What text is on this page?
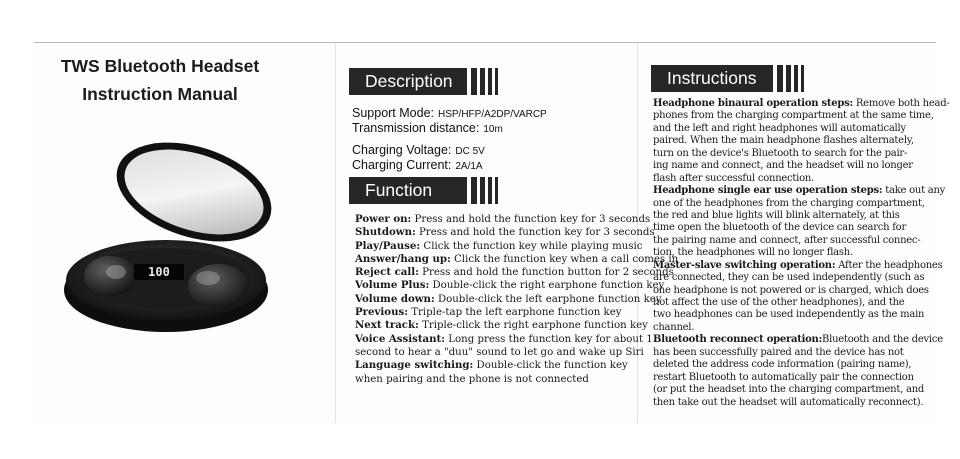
TWS Bluetooth Headset
Instruction Manual
100
Description
Support Mode: HSP/HFP/A2DP/VARCP
Transmission distance: 10m
Charging Voltage: DC 5V
Charging Current: 2A/1A
Function
Power on: Press and hold the function key for 3 seconds
Shutdown: Press and hold the function key for 3 seconds
Play/Pause: Click the function key while playing music
Answer/hang up: Click the function key when a call comes in
Reject call: Press and hold the function button for 2 seconds
Volume Plus: Double-click the right earphone function key
Volume down: Double-click the left earphone function key
Previous: Triple-tap the left earphone function key
Next track: Triple-click the right earphone function key
Voice Assistant: Long press the function key for about 1
second to hear a "duu" sound to let go and wake up Siri
Language switching: Double-click the function key
when pairing and the phone is not connected
Instructions
Headphone binaural operation steps: Remove both head-
phones from the charging compartment at the same time,
and the left and right headphones will automatically
paired. When the main headphone flashes alternately,
turn on the device's Bluetooth to search for the pair-
ing name and connect, and the headset will no longer
flash after successful connection.
Headphone single ear use operation steps: take out any
one of the headphones from the charging compartment,
the red and blue lights will blink alternately, at this
time open the bluetooth of the device can search for
the pairing name and connect, after successful connec-
tion, the headphones will no longer flash.
Master-slave switching operation: After the headphones
are connected, they can be used independently (such as
one headphone is not powered or is charged, which does
not affect the use of the other headphones), and the
two headphones can be used independently as the main
channel.
Bluetooth reconnect operation:Bluetooth and the device
has been successfully paired and the device has not
deleted the address code information (pairing name),
restart Bluetooth to automatically pair the connection
(or put the headset into the charging compartment, and
then take out the headset will automatically reconnect).
